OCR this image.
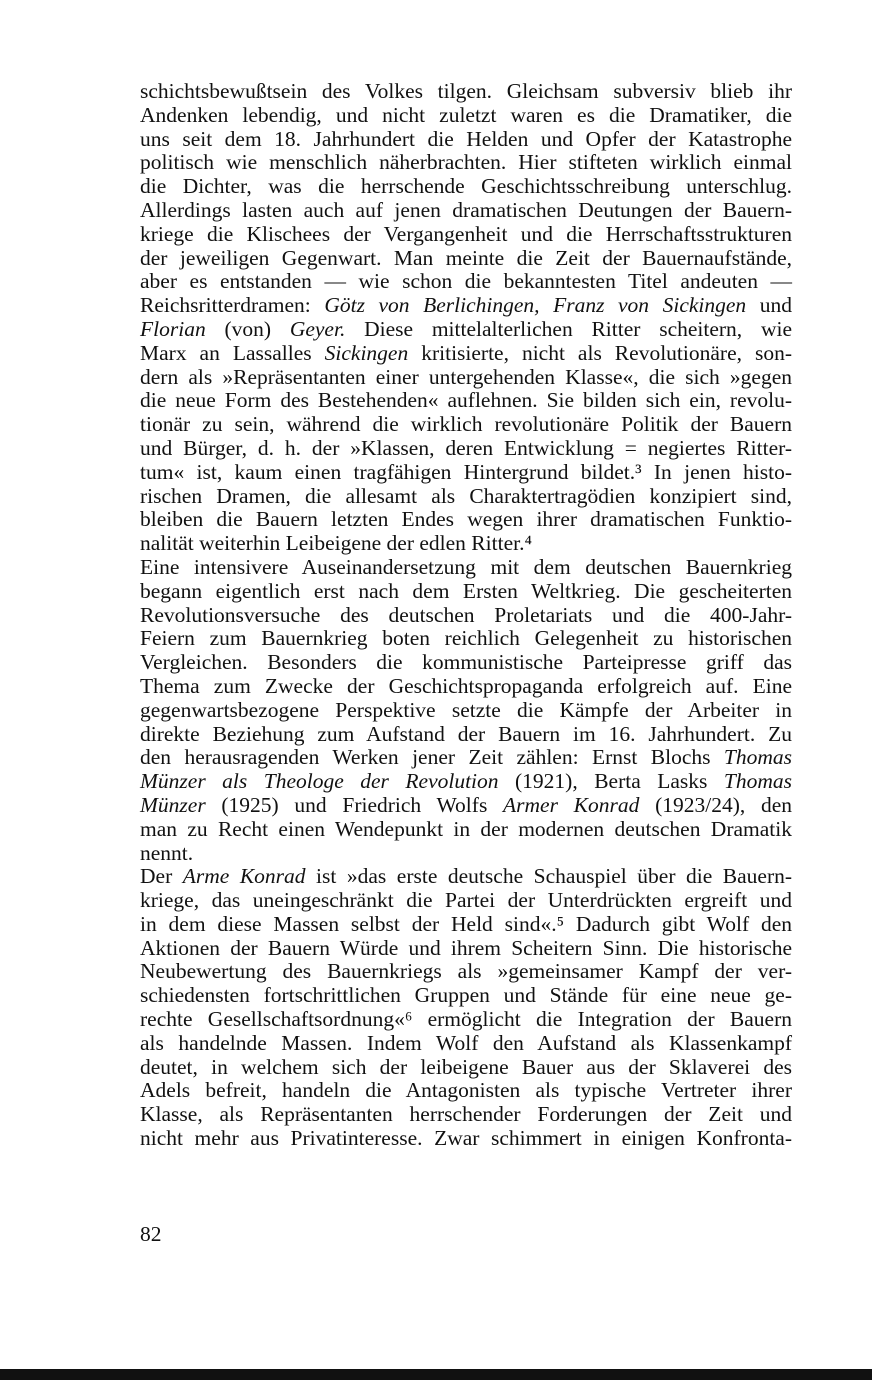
schichtsbewußtsein des Volkes tilgen. Gleichsam subversiv blieb ihr
Andenken lebendig, und nicht zuletzt waren es die Dramatiker, die
uns seit dem 18. Jahrhundert die Helden und Opfer der Katastrophe
politisch wie menschlich näherbrachten. Hier stifteten wirklich einmal
die Dichter, was die herrschende Geschichtsschreibung unterschlug.
Allerdings lasten auch auf jenen dramatischen Deutungen der Bauern-
kriege die Klischees der Vergangenheit und die Herrschaftsstrukturen
der jeweiligen Gegenwart. Man meinte die Zeit der Bauernaufstände,
aber es entstanden — wie schon die bekanntesten Titel andeuten —
Reichsritterdramen: Götz von Berlichingen, Franz von Sickingen und
Florian (von) Geyer. Diese mittelalterlichen Ritter scheitern, wie
Marx an Lassalles Sickingen kritisierte, nicht als Revolutionäre, son-
dern als »Repräsentanten einer untergehenden Klasse«, die sich »gegen
die neue Form des Bestehenden« auflehnen. Sie bilden sich ein, revolu-
tionär zu sein, während die wirklich revolutionäre Politik der Bauern
und Bürger, d. h. der »Klassen, deren Entwicklung = negiertes Ritter-
tum« ist, kaum einen tragfähigen Hintergrund bildet.³ In jenen histo-
rischen Dramen, die allesamt als Charaktertragödien konzipiert sind,
bleiben die Bauern letzten Endes wegen ihrer dramatischen Funktio-
nalität weiterhin Leibeigene der edlen Ritter.⁴
Eine intensivere Auseinandersetzung mit dem deutschen Bauernkrieg
begann eigentlich erst nach dem Ersten Weltkrieg. Die gescheiterten
Revolutionsversuche des deutschen Proletariats und die 400-Jahr-
Feiern zum Bauernkrieg boten reichlich Gelegenheit zu historischen
Vergleichen. Besonders die kommunistische Parteipresse griff das
Thema zum Zwecke der Geschichtspropaganda erfolgreich auf. Eine
gegenwartsbezogene Perspektive setzte die Kämpfe der Arbeiter in
direkte Beziehung zum Aufstand der Bauern im 16. Jahrhundert. Zu
den herausragenden Werken jener Zeit zählen: Ernst Blochs Thomas
Münzer als Theologe der Revolution (1921), Berta Lasks Thomas
Münzer (1925) und Friedrich Wolfs Armer Konrad (1923/24), den
man zu Recht einen Wendepunkt in der modernen deutschen Dramatik
nennt.
Der Arme Konrad ist »das erste deutsche Schauspiel über die Bauern-
kriege, das uneingeschränkt die Partei der Unterdrückten ergreift und
in dem diese Massen selbst der Held sind«.⁵ Dadurch gibt Wolf den
Aktionen der Bauern Würde und ihrem Scheitern Sinn. Die historische
Neubewertung des Bauernkriegs als »gemeinsamer Kampf der ver-
schiedensten fortschrittlichen Gruppen und Stände für eine neue ge-
rechte Gesellschaftsordnung«⁶ ermöglicht die Integration der Bauern
als handelnde Massen. Indem Wolf den Aufstand als Klassenkampf
deutet, in welchem sich der leibeigene Bauer aus der Sklaverei des
Adels befreit, handeln die Antagonisten als typische Vertreter ihrer
Klasse, als Repräsentanten herrschender Forderungen der Zeit und
nicht mehr aus Privatinteresse. Zwar schimmert in einigen Konfronta-
82
